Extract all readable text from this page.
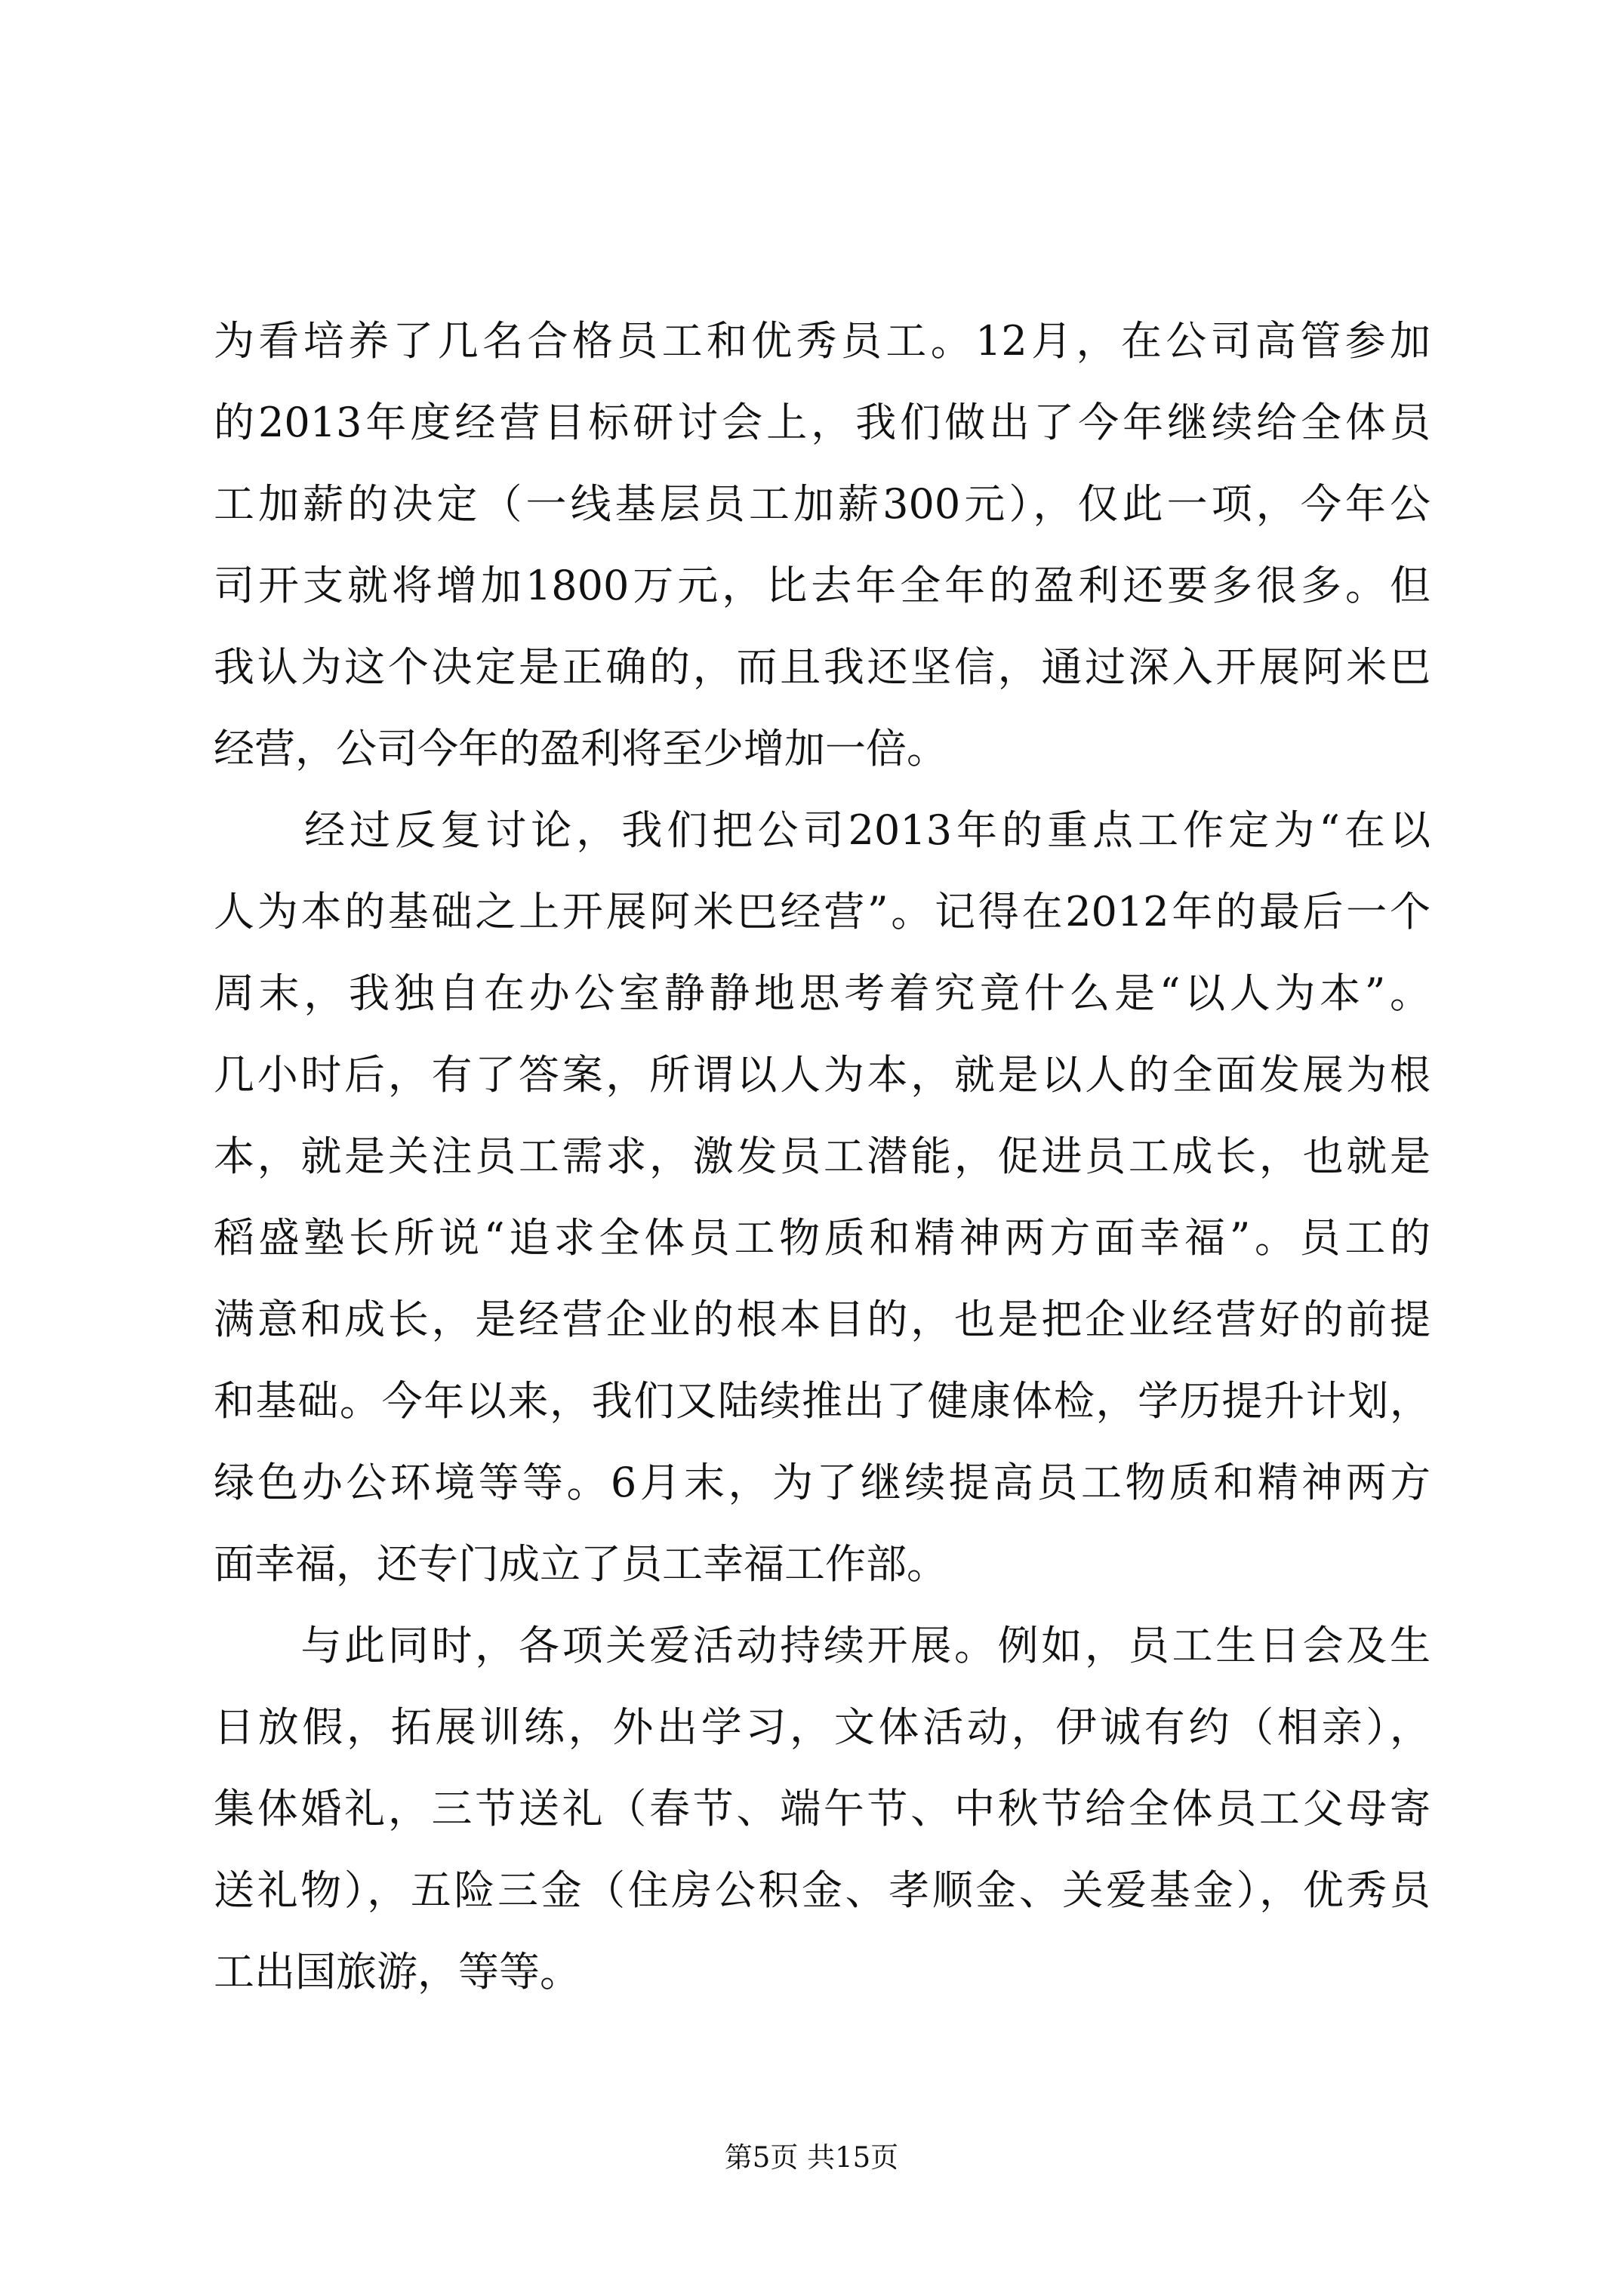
为看培养了几名合格员工和优秀员工。12月，在公司高管参加
的2013年度经营目标研讨会上，我们做出了今年继续给全体员
工加薪的决定（一线基层员工加薪300元），仅此一项，今年公
司开支就将增加1800万元，比去年全年的盈利还要多很多。但
我认为这个决定是正确的，而且我还坚信，通过深入开展阿米巴
经营，公司今年的盈利将至少增加一倍。
　　经过反复讨论，我们把公司2013年的重点工作定为“在以
人为本的基础之上开展阿米巴经营”。记得在2012年的最后一个
周末，我独自在办公室静静地思考着究竟什么是“以人为本”。
几小时后，有了答案，所谓以人为本，就是以人的全面发展为根
本，就是关注员工需求，激发员工潜能，促进员工成长，也就是
稻盛塾长所说“追求全体员工物质和精神两方面幸福”。员工的
满意和成长，是经营企业的根本目的，也是把企业经营好的前提
和基础。今年以来，我们又陆续推出了健康体检，学历提升计划，
绿色办公环境等等。6月末，为了继续提高员工物质和精神两方
面幸福，还专门成立了员工幸福工作部。
　　与此同时，各项关爱活动持续开展。例如，员工生日会及生
日放假，拓展训练，外出学习，文体活动，伊诚有约（相亲），
集体婚礼，三节送礼（春节、端午节、中秋节给全体员工父母寄
送礼物），五险三金（住房公积金、孝顺金、关爱基金），优秀员
工出国旅游，等等。
第5页 共15页
